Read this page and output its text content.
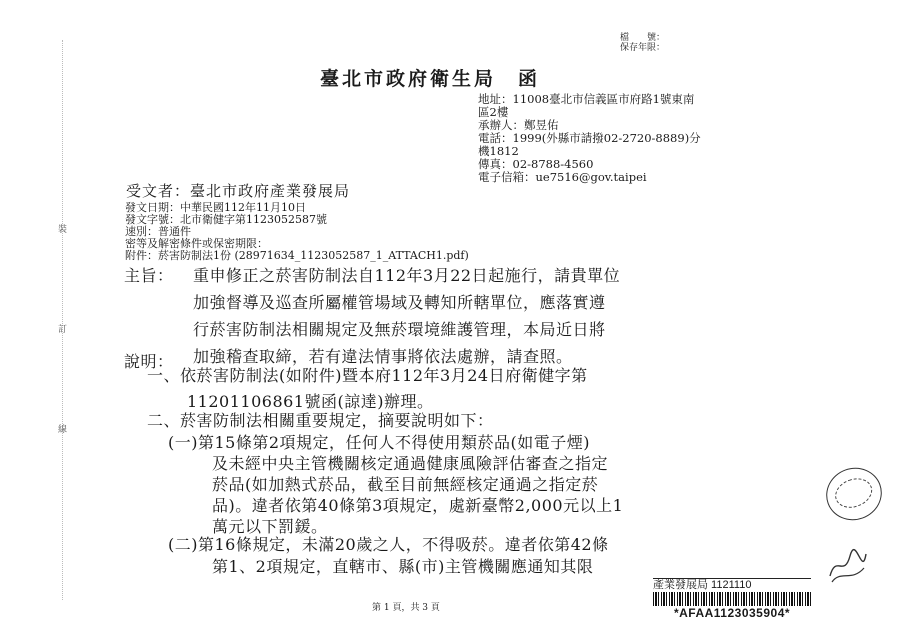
檔　　號：
保存年限：
臺北市政府衛生局　函
地址：11008臺北市信義區市府路1號東南
區2樓
承辦人：鄭昱佑
電話：1999(外縣市請撥02-2720-8889)分
機1812
傳真：02-8788-4560
電子信箱：ue7516@gov.taipei
受文者：臺北市政府產業發展局
發文日期：中華民國112年11月10日
發文字號：北市衛健字第1123052587號
速別：普通件
密等及解密條件或保密期限：
附件：菸害防制法1份 (28971634_1123052587_1_ATTACH1.pdf)
裝
訂
線
主旨： 重申修正之菸害防制法自112年3月22日起施行，請貴單位
加強督導及巡查所屬權管場域及轉知所轄單位，應落實遵
行菸害防制法相關規定及無菸環境維護管理，本局近日將
加強稽查取締，若有違法情事將依法處辦，請查照。
說明：
一、依菸害防制法(如附件)暨本府112年3月24日府衛健字第
11201106861號函(諒達)辦理。
二、菸害防制法相關重要規定，摘要說明如下：
(一)第15條第2項規定，任何人不得使用類菸品(如電子煙)
及未經中央主管機關核定通過健康風險評估審查之指定
菸品(如加熱式菸品，截至目前無經核定通過之指定菸
品)。違者依第40條第3項規定，處新臺幣2,000元以上1
萬元以下罰鍰。
(二)第16條規定，未滿20歲之人，不得吸菸。違者依第42條
第1、2項規定，直轄市、縣(市)主管機關應通知其限
第 1 頁，共 3 頁
產業發展局 1121110
*AFAA1123035904*
